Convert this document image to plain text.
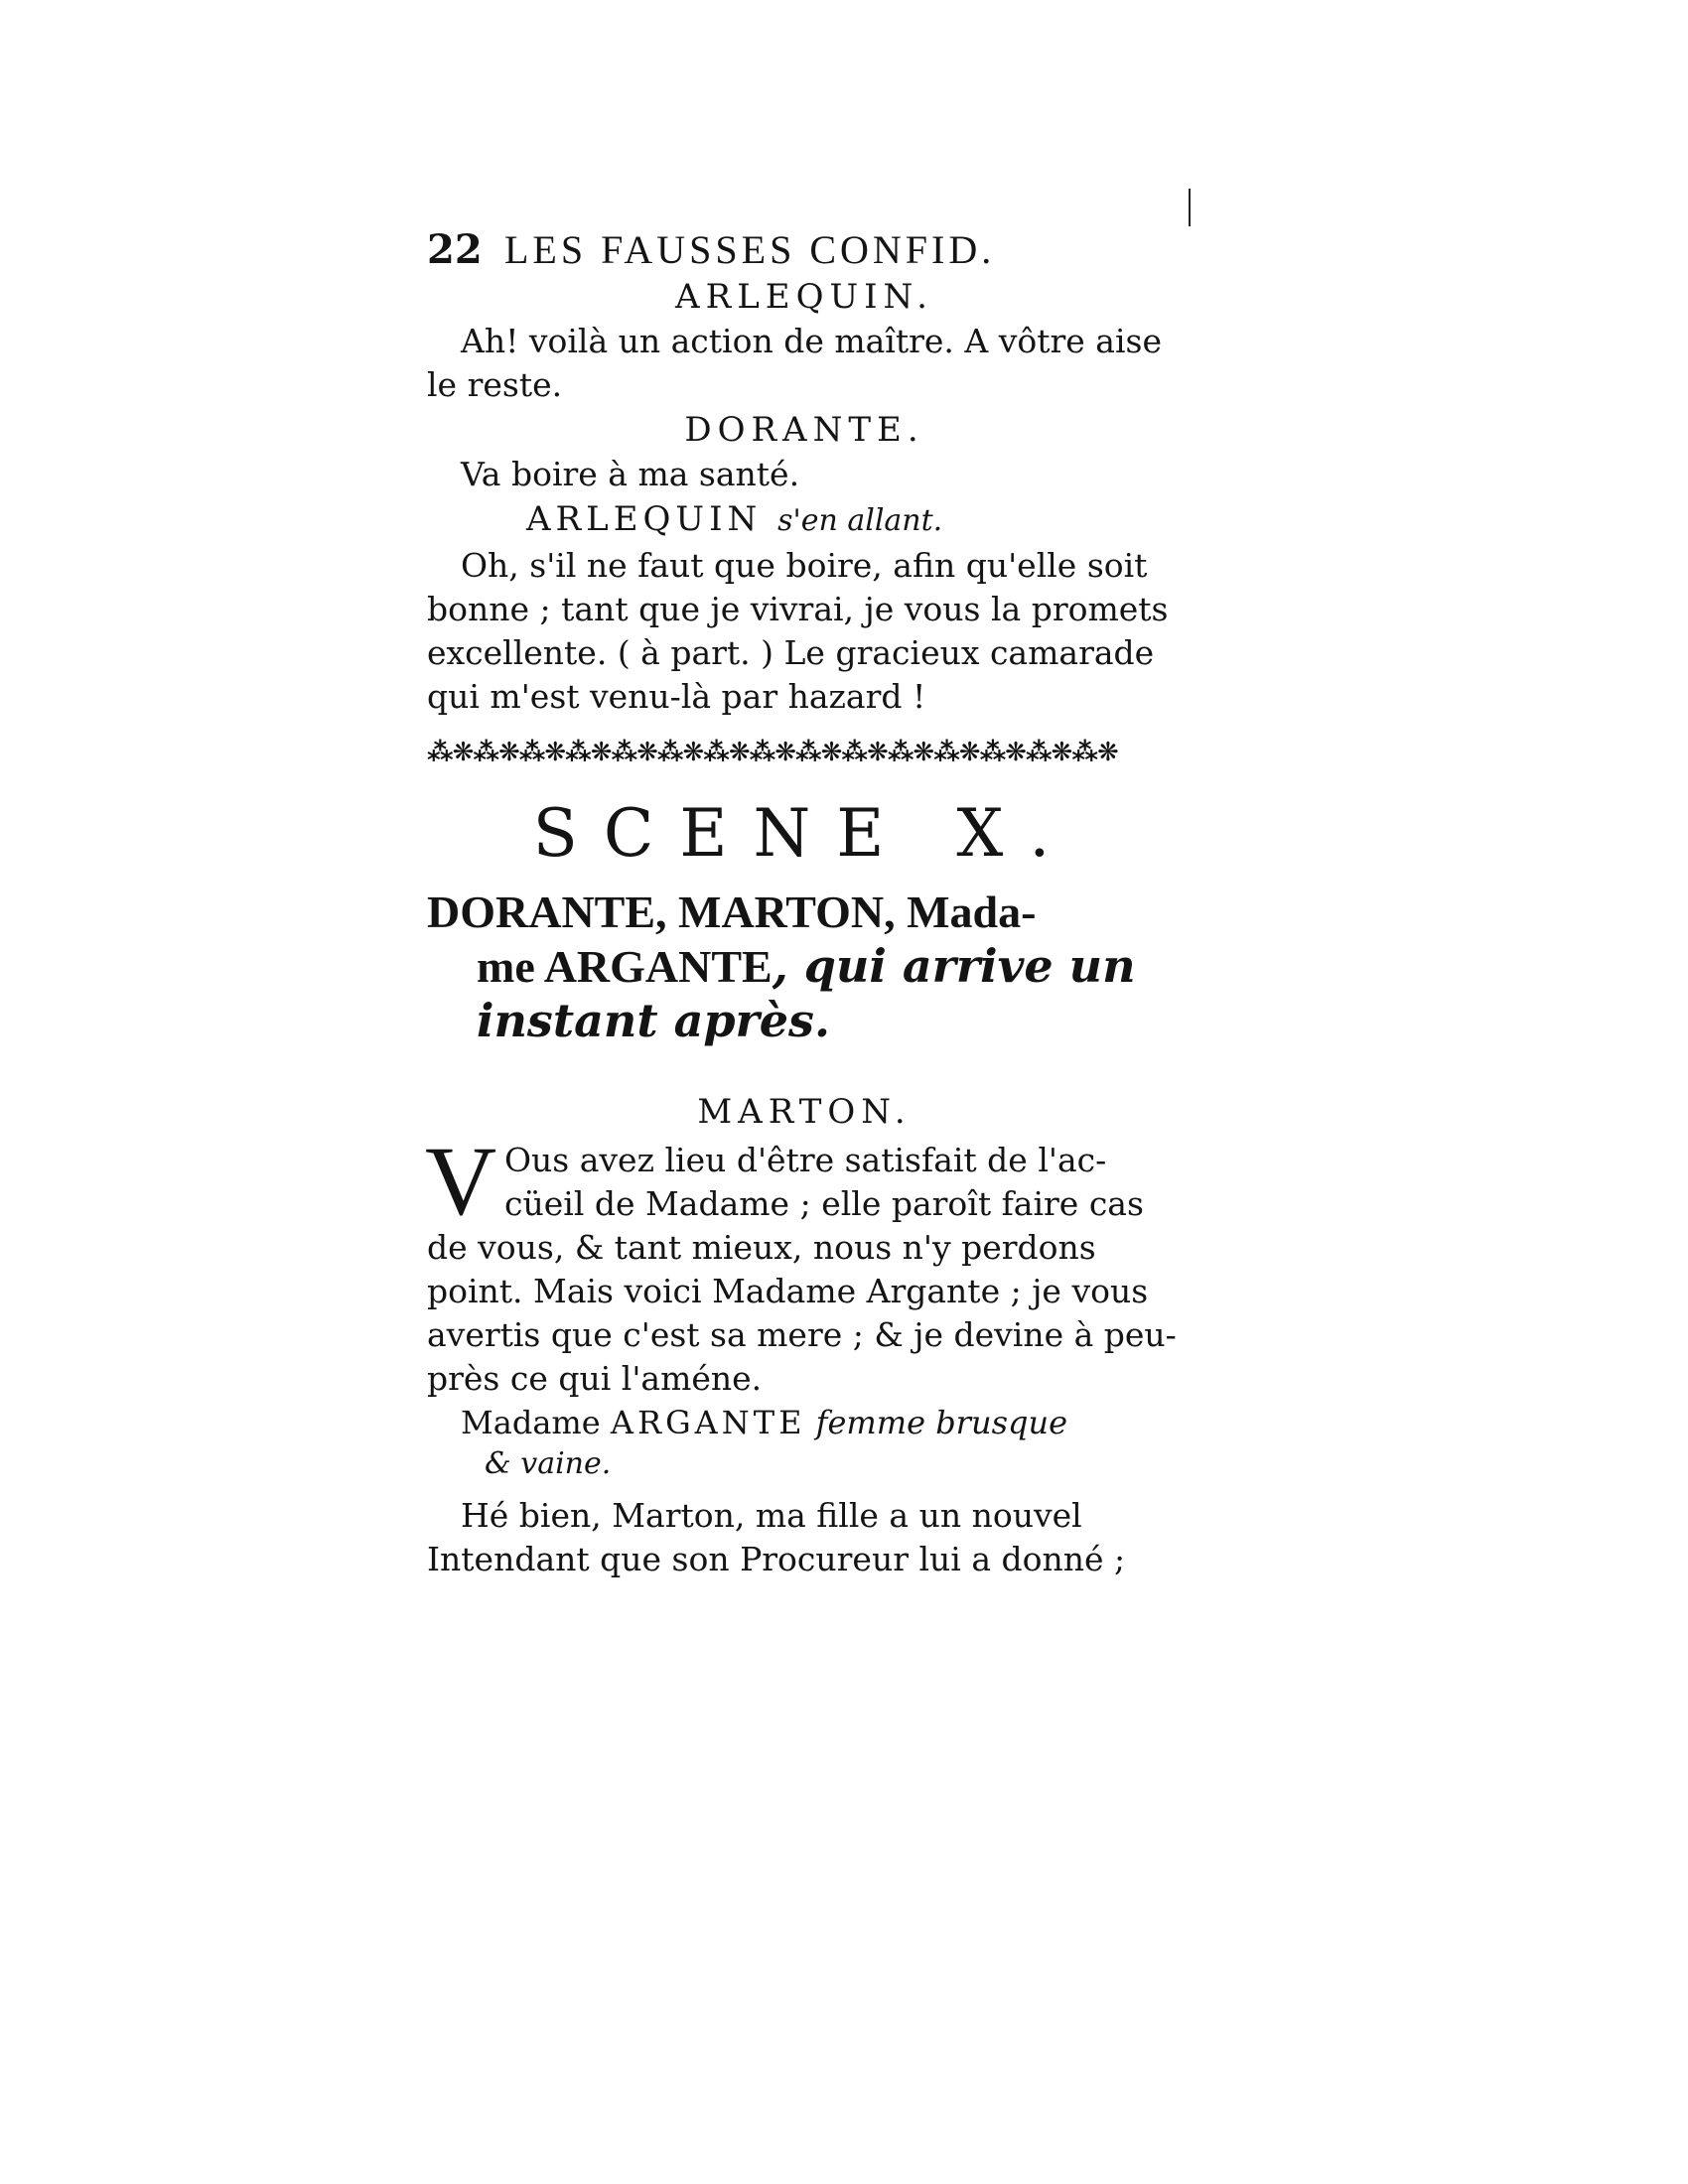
22 LES FAUSSES CONFID.
ARLEQUIN.
Ah! voilà un action de maître. A vôtre aise
le reste.
DORANTE.
Va boire à ma santé.
ARLEQUIN s'en allant.
Oh, s'il ne faut que boire, afin qu'elle soit
bonne ; tant que je vivrai, je vous la promets
excellente. ( à part. ) Le gracieux camarade
qui m'est venu-là par hazard !
⁂❋⁂❋⁂❋⁂❋⁂❋⁂❋⁂❋⁂❋⁂❋⁂❋⁂❋⁂❋⁂❋⁂❋⁂❋
SCENE X.
DORANTE, MARTON, Mada-
me ARGANTE, qui arrive un
instant après.
MARTON.
V Ous avez lieu d'être satisfait de l'ac-
cüeil de Madame ; elle paroît faire cas
de vous, & tant mieux, nous n'y perdons
point. Mais voici Madame Argante ; je vous
avertis que c'est sa mere ; & je devine à peu-
près ce qui l'améne.
Madame ARGANTE femme brusque
& vaine.
Hé bien, Marton, ma fille a un nouvel
Intendant que son Procureur lui a donné ;
